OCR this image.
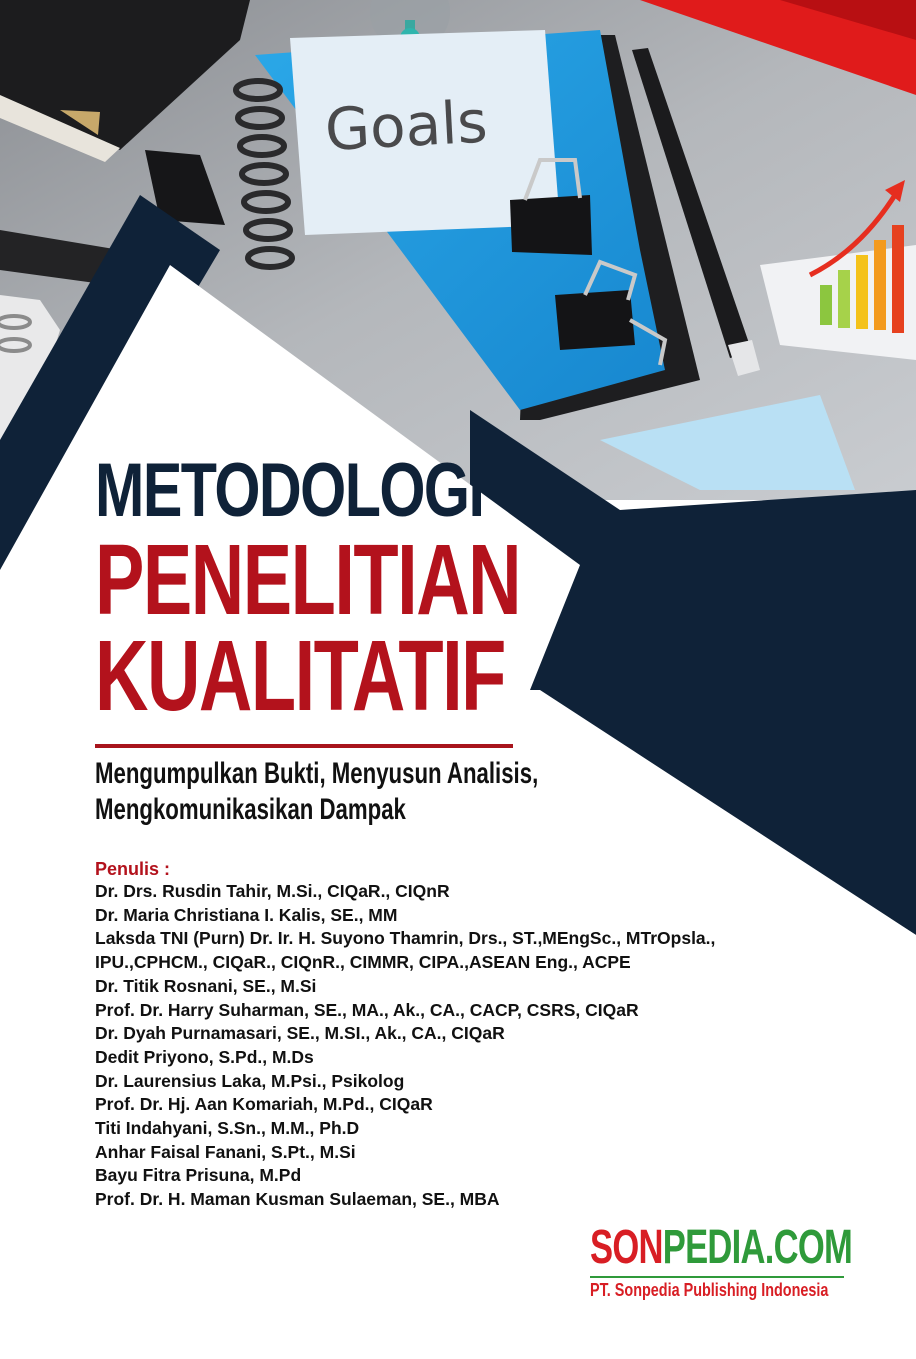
Goals
METODOLOGI
PENELITIAN
KUALITATIF
Mengumpulkan Bukti, Menyusun Analisis,
Mengkomunikasikan Dampak
Penulis :
Dr. Drs. Rusdin Tahir, M.Si., CIQaR., CIQnR
Dr. Maria Christiana I. Kalis, SE., MM
Laksda TNI (Purn) Dr. Ir. H. Suyono Thamrin, Drs., ST.,MEngSc., MTrOpsla.,
IPU.,CPHCM., CIQaR., CIQnR., CIMMR, CIPA.,ASEAN Eng., ACPE
Dr. Titik Rosnani, SE., M.Si
Prof. Dr. Harry Suharman, SE., MA., Ak., CA., CACP, CSRS, CIQaR
Dr. Dyah Purnamasari, SE., M.SI., Ak., CA., CIQaR
Dedit Priyono, S.Pd., M.Ds
Dr. Laurensius Laka, M.Psi., Psikolog
Prof. Dr. Hj. Aan Komariah, M.Pd., CIQaR
Titi Indahyani, S.Sn., M.M., Ph.D
Anhar Faisal Fanani, S.Pt., M.Si
Bayu Fitra Prisuna, M.Pd
Prof. Dr. H. Maman Kusman Sulaeman, SE., MBA
SONPEDIA.COM
PT. Sonpedia Publishing Indonesia
